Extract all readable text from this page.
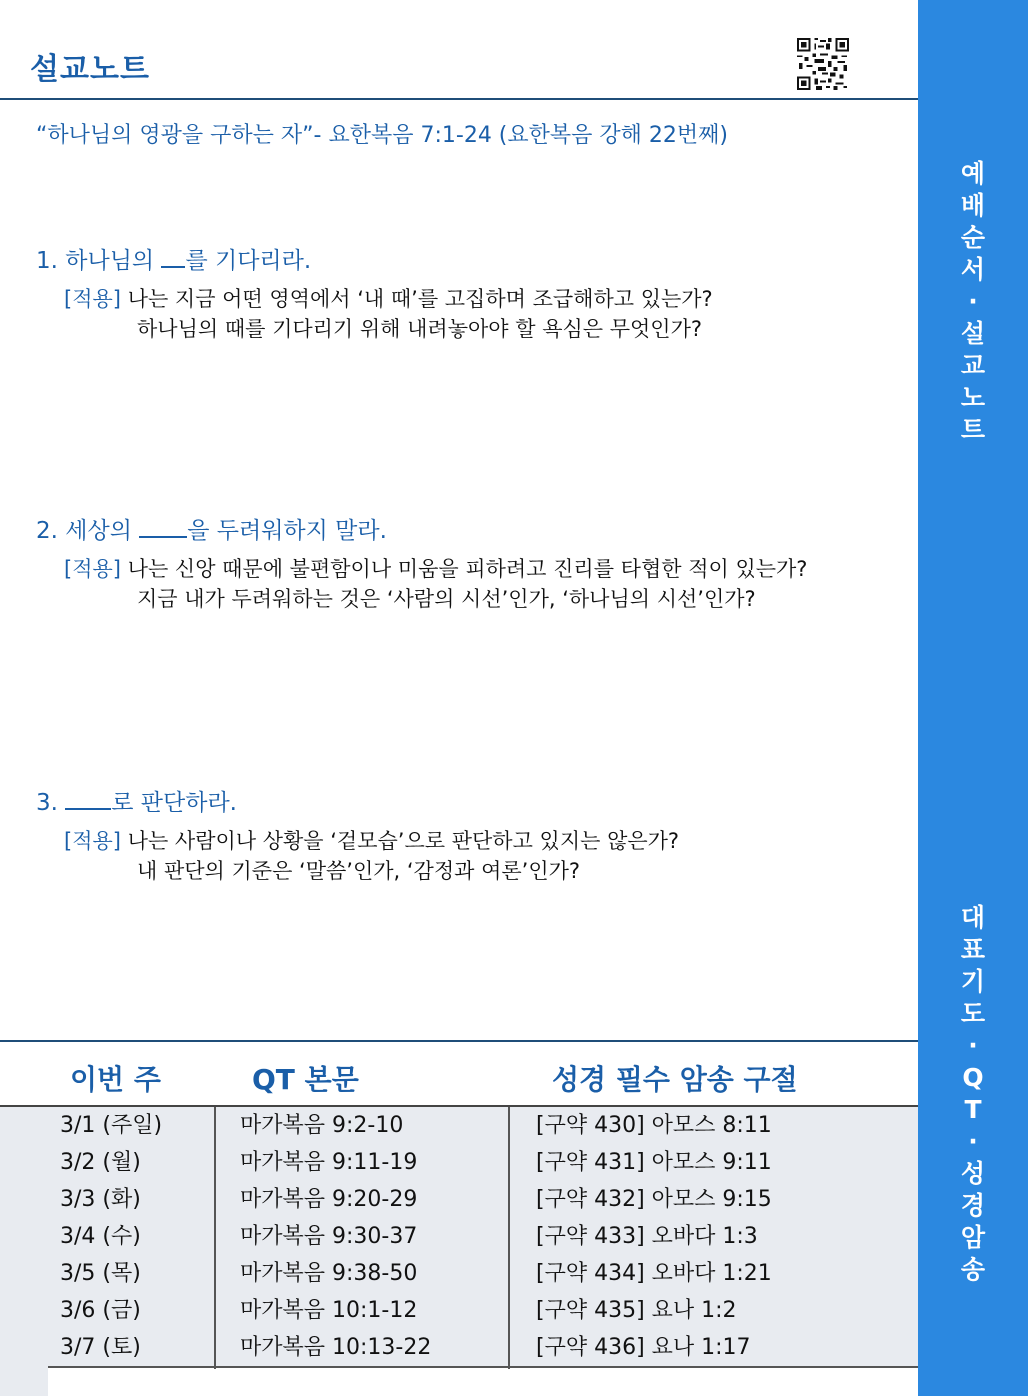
설교노트
“하나님의 영광을 구하는 자”- 요한복음 7:1-24 (요한복음 강해 22번째)
1. 하나님의 를 기다리라.
[적용] 나는 지금 어떤 영역에서 ‘내 때’를 고집하며 조급해하고 있는가?
하나님의 때를 기다리기 위해 내려놓아야 할 욕심은 무엇인가?
2. 세상의 을 두려워하지 말라.
[적용] 나는 신앙 때문에 불편함이나 미움을 피하려고 진리를 타협한 적이 있는가?
지금 내가 두려워하는 것은 ‘사람의 시선’인가, ‘하나님의 시선’인가?
3. 로 판단하라.
[적용] 나는 사람이나 상황을 ‘겉모습’으로 판단하고 있지는 않은가?
내 판단의 기준은 ‘말씀’인가, ‘감정과 여론’인가?
예
배
순
서
·
설
교
노
트
대
표
기
도
·
Q
T
·
성
경
암
송
이번 주	QT 본문	성경 필수 암송 구절
3/1 (주일)	마가복음 9:2-10	[구약 430] 아모스 8:11
3/2 (월)	마가복음 9:11-19	[구약 431] 아모스 9:11
3/3 (화)	마가복음 9:20-29	[구약 432] 아모스 9:15
3/4 (수)	마가복음 9:30-37	[구약 433] 오바다 1:3
3/5 (목)	마가복음 9:38-50	[구약 434] 오바다 1:21
3/6 (금)	마가복음 10:1-12	[구약 435] 요나 1:2
3/7 (토)	마가복음 10:13-22	[구약 436] 요나 1:17
